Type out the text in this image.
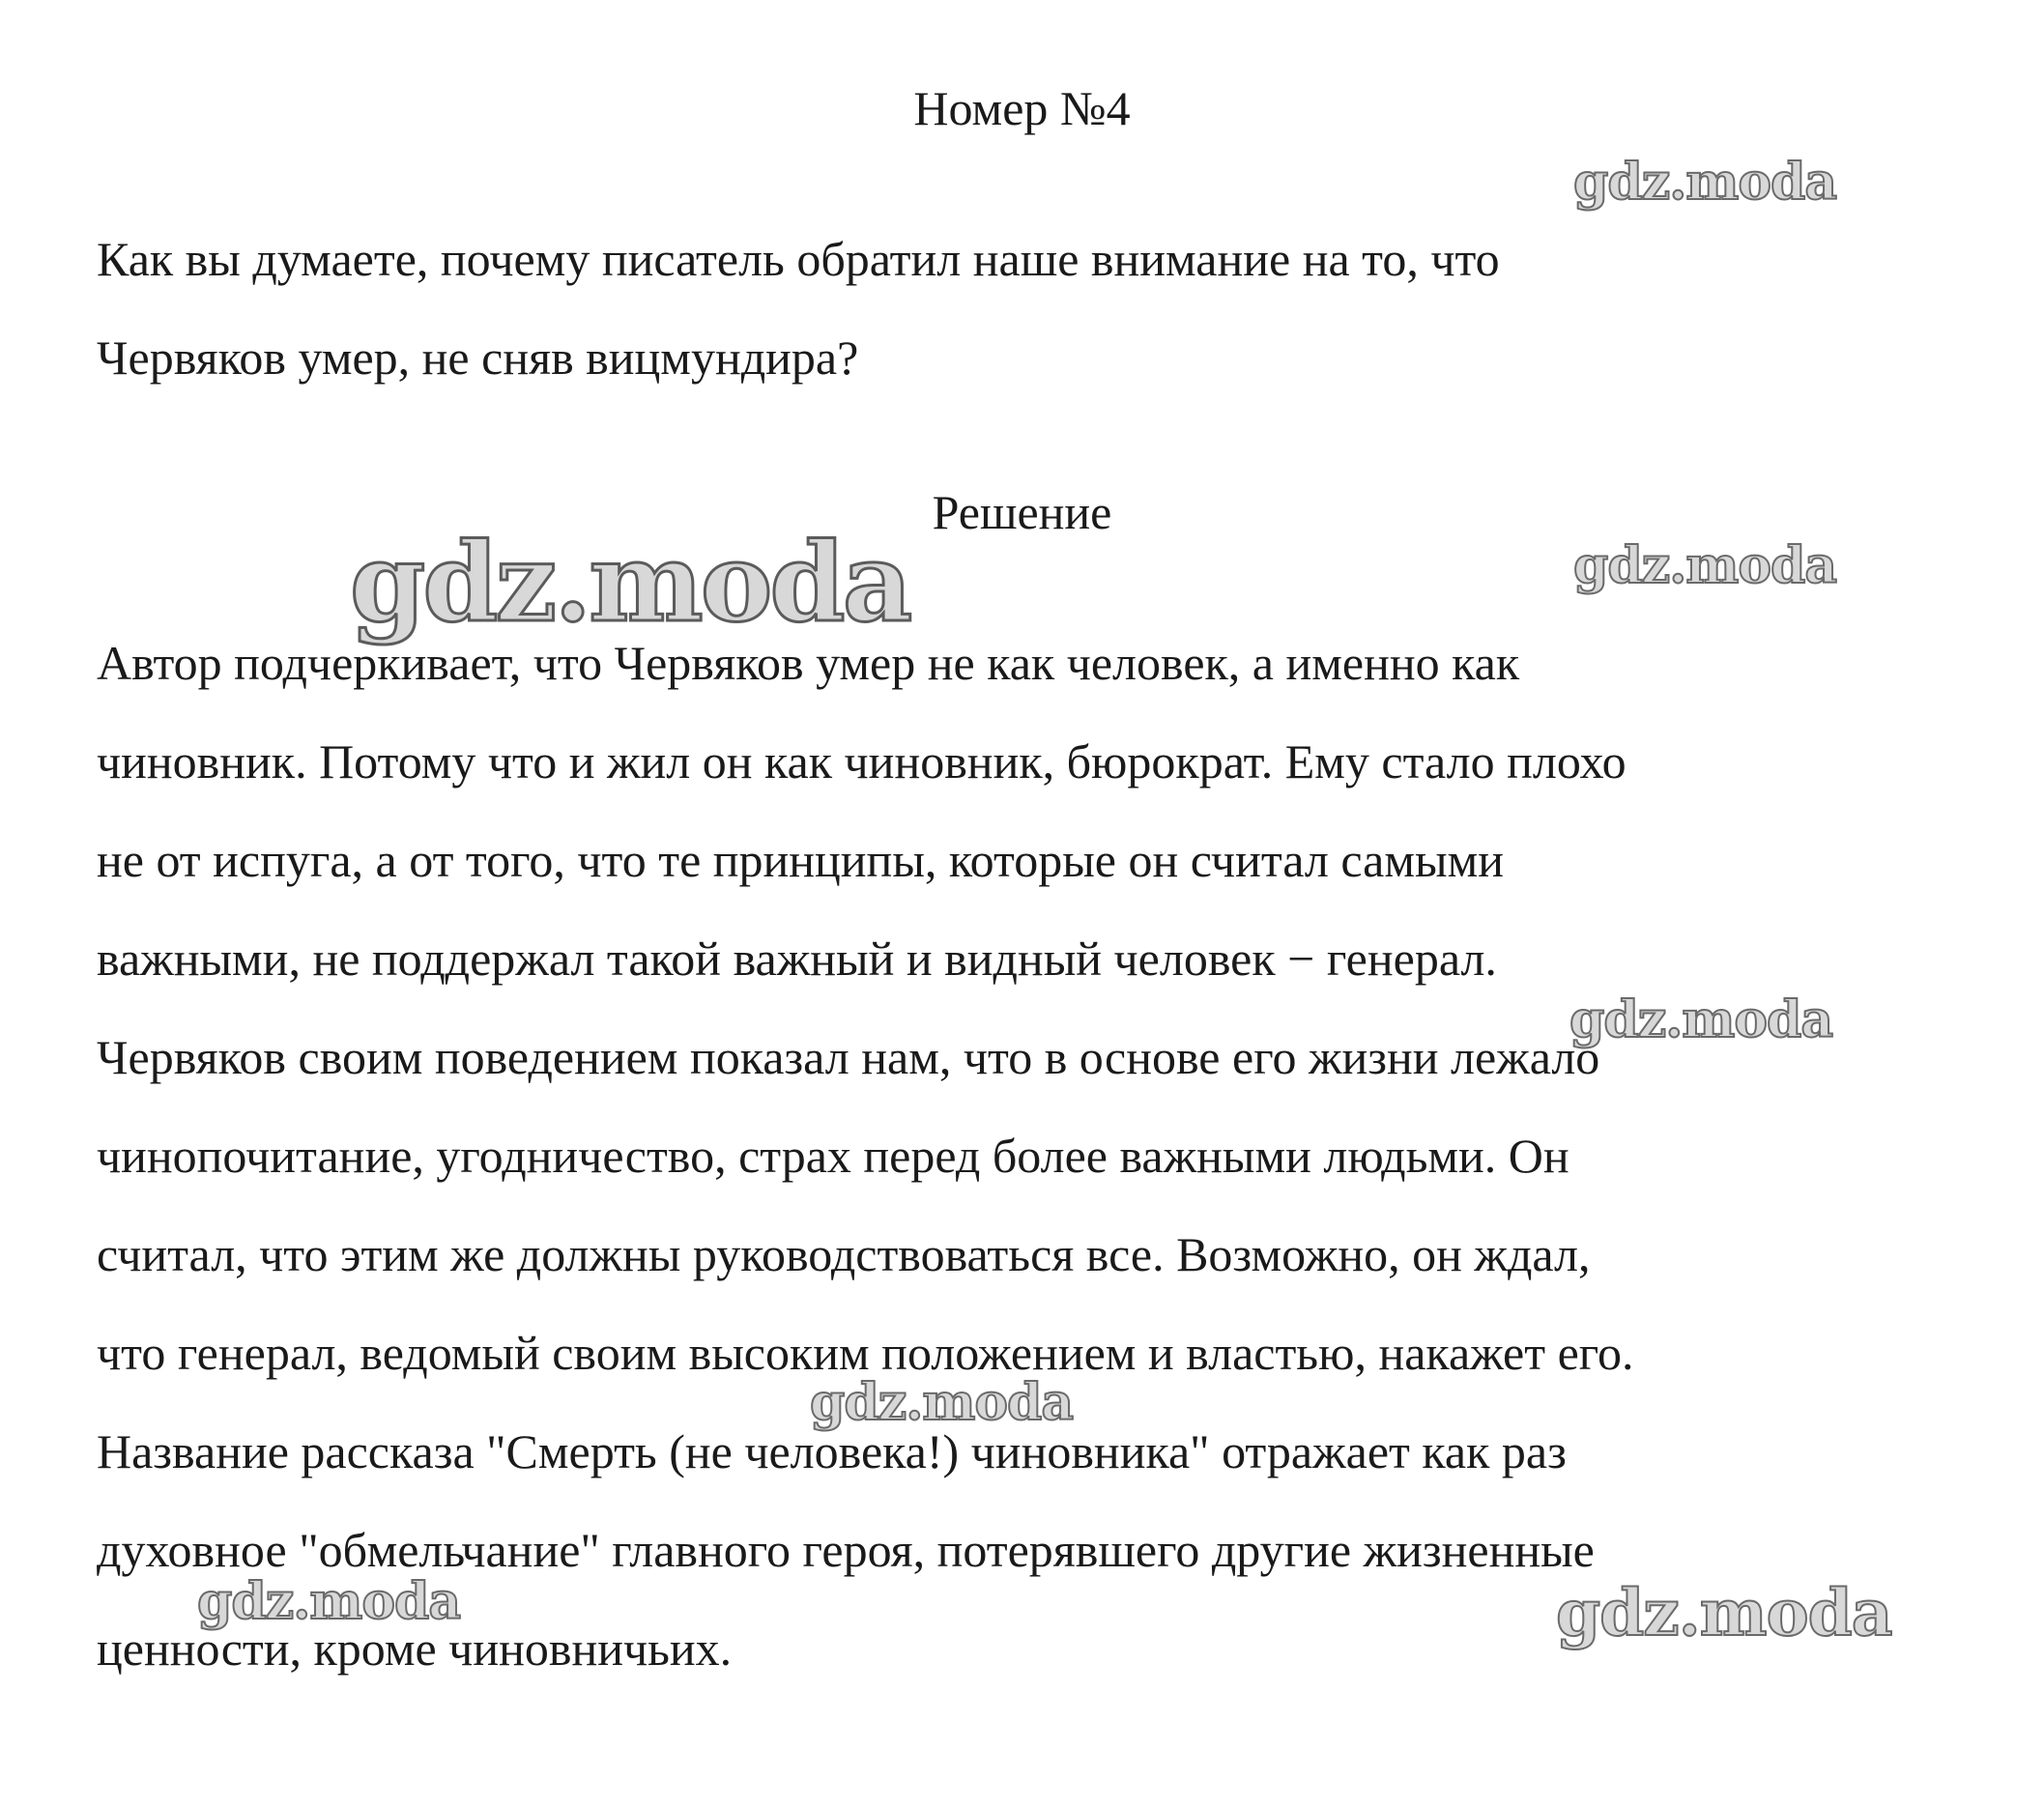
Номер №4
Как вы думаете, почему писатель обратил наше внимание на то, что
Червяков умер, не сняв вицмундира?
Решение
Автор подчеркивает, что Червяков умер не как человек, а именно как
чиновник. Потому что и жил он как чиновник, бюрократ. Ему стало плохо
не от испуга, а от того, что те принципы, которые он считал самыми
важными, не поддержал такой важный и видный человек − генерал.
Червяков своим поведением показал нам, что в основе его жизни лежало
чинопочитание, угодничество, страх перед более важными людьми. Он
считал, что этим же должны руководствоваться все. Возможно, он ждал,
что генерал, ведомый своим высоким положением и властью, накажет его.
Название рассказа "Смерть (не человека!) чиновника" отражает как раз
духовное "обмельчание" главного героя, потерявшего другие жизненные
ценности, кроме чиновничьих.
gdz.moda
gdz.moda	gdz.moda
gdz.moda
gdz.moda
gdz.moda	gdz.moda
